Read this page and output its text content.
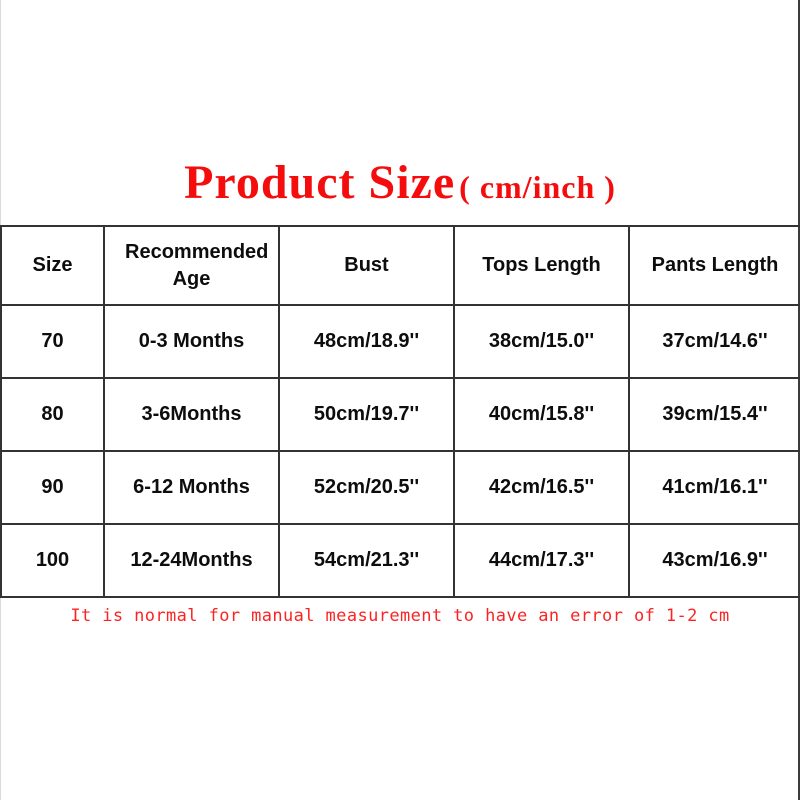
Product Size ( cm/inch )
Size	Recommended Age	Bust	Tops Length	Pants Length
70	0-3 Months	48cm/18.9''	38cm/15.0''	37cm/14.6''
80	3-6Months	50cm/19.7''	40cm/15.8''	39cm/15.4''
90	6-12 Months	52cm/20.5''	42cm/16.5''	41cm/16.1''
100	12-24Months	54cm/21.3''	44cm/17.3''	43cm/16.9''
It is normal for manual measurement to have an error of 1-2 cm
